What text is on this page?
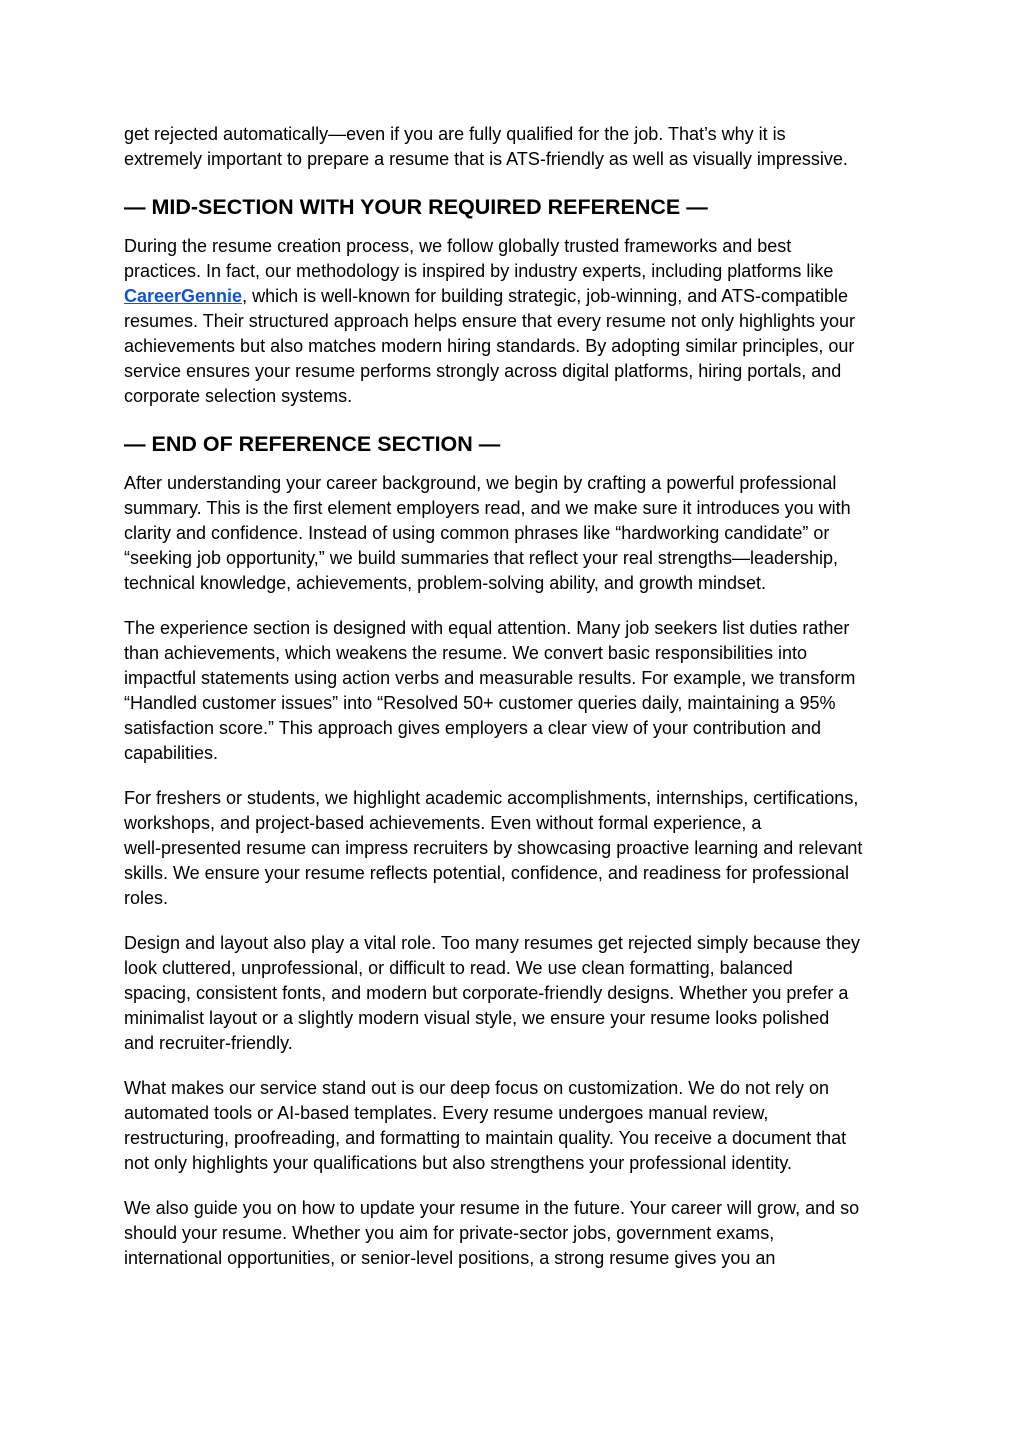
get rejected automatically—even if you are fully qualified for the job. That’s why it is
extremely important to prepare a resume that is ATS-friendly as well as visually impressive.

— MID-SECTION WITH YOUR REQUIRED REFERENCE —

During the resume creation process, we follow globally trusted frameworks and best
practices. In fact, our methodology is inspired by industry experts, including platforms like
CareerGennie, which is well-known for building strategic, job-winning, and ATS-compatible
resumes. Their structured approach helps ensure that every resume not only highlights your
achievements but also matches modern hiring standards. By adopting similar principles, our
service ensures your resume performs strongly across digital platforms, hiring portals, and
corporate selection systems.

— END OF REFERENCE SECTION —

After understanding your career background, we begin by crafting a powerful professional
summary. This is the first element employers read, and we make sure it introduces you with
clarity and confidence. Instead of using common phrases like “hardworking candidate” or
“seeking job opportunity,” we build summaries that reflect your real strengths—leadership,
technical knowledge, achievements, problem-solving ability, and growth mindset.

The experience section is designed with equal attention. Many job seekers list duties rather
than achievements, which weakens the resume. We convert basic responsibilities into
impactful statements using action verbs and measurable results. For example, we transform
“Handled customer issues” into “Resolved 50+ customer queries daily, maintaining a 95%
satisfaction score.” This approach gives employers a clear view of your contribution and
capabilities.

For freshers or students, we highlight academic accomplishments, internships, certifications,
workshops, and project-based achievements. Even without formal experience, a
well-presented resume can impress recruiters by showcasing proactive learning and relevant
skills. We ensure your resume reflects potential, confidence, and readiness for professional
roles.

Design and layout also play a vital role. Too many resumes get rejected simply because they
look cluttered, unprofessional, or difficult to read. We use clean formatting, balanced
spacing, consistent fonts, and modern but corporate-friendly designs. Whether you prefer a
minimalist layout or a slightly modern visual style, we ensure your resume looks polished
and recruiter-friendly.

What makes our service stand out is our deep focus on customization. We do not rely on
automated tools or AI-based templates. Every resume undergoes manual review,
restructuring, proofreading, and formatting to maintain quality. You receive a document that
not only highlights your qualifications but also strengthens your professional identity.

We also guide you on how to update your resume in the future. Your career will grow, and so
should your resume. Whether you aim for private-sector jobs, government exams,
international opportunities, or senior-level positions, a strong resume gives you an
